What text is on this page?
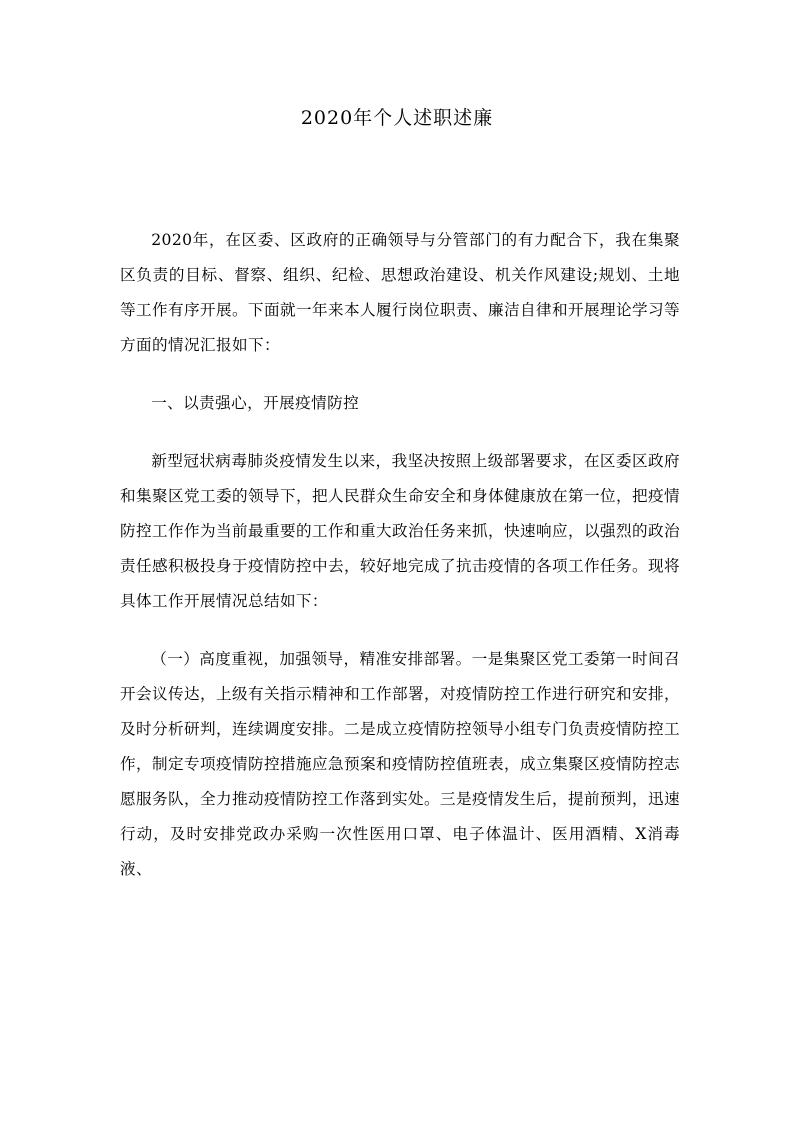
2020年个人述职述廉

2020年，在区委、区政府的正确领导与分管部门的有力配合下，我在集聚区负责的目标、督察、组织、纪检、思想政治建设、机关作风建设;规划、土地等工作有序开展。下面就一年来本人履行岗位职责、廉洁自律和开展理论学习等方面的情况汇报如下：

一、以责强心，开展疫情防控

新型冠状病毒肺炎疫情发生以来，我坚决按照上级部署要求，在区委区政府和集聚区党工委的领导下，把人民群众生命安全和身体健康放在第一位，把疫情防控工作作为当前最重要的工作和重大政治任务来抓，快速响应，以强烈的政治责任感积极投身于疫情防控中去，较好地完成了抗击疫情的各项工作任务。现将具体工作开展情况总结如下：

（一）高度重视，加强领导，精准安排部署。一是集聚区党工委第一时间召开会议传达，上级有关指示精神和工作部署，对疫情防控工作进行研究和安排，及时分析研判，连续调度安排。二是成立疫情防控领导小组专门负责疫情防控工作，制定专项疫情防控措施应急预案和疫情防控值班表，成立集聚区疫情防控志愿服务队，全力推动疫情防控工作落到实处。三是疫情发生后，提前预判，迅速行动，及时安排党政办采购一次性医用口罩、电子体温计、医用酒精、X消毒液、
